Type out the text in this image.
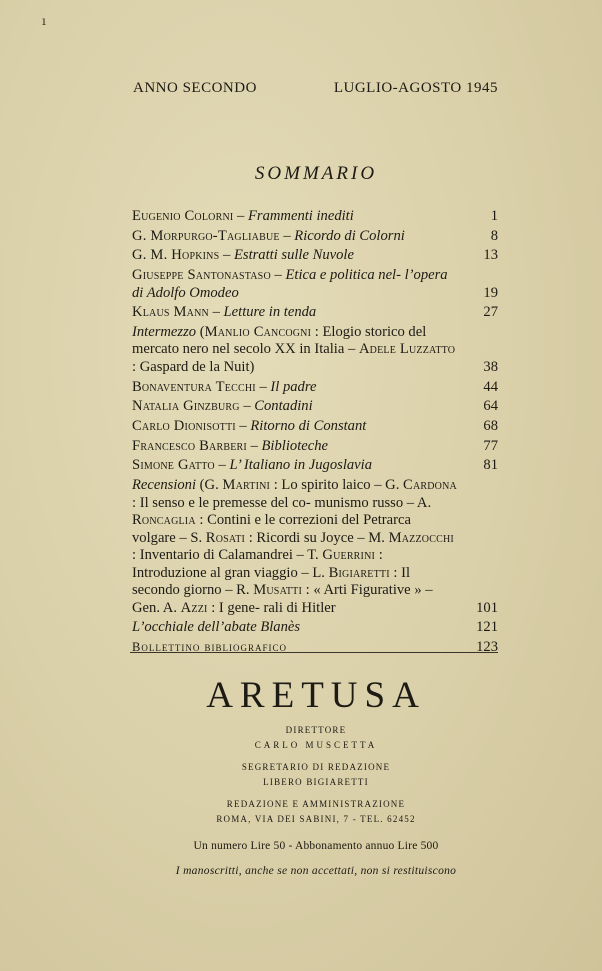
ı
ANNO SECONDO	LUGLIO-AGOSTO 1945
SOMMARIO
Eugenio Colorni – Frammenti inediti	1
G. Morpurgo-Tagliabue – Ricordo di Colorni	8
G. M. Hopkins – Estratti sulle Nuvole	13
Giuseppe Santonastaso – Etica e politica nel- l’opera di Adolfo Omodeo	19
Klaus Mann – Letture in tenda	27
Intermezzo (Manlio Cancogni : Elogio storico del mercato nero nel secolo XX in Italia – Adele Luzzatto : Gaspard de la Nuit)	38
Bonaventura Tecchi – Il padre	44
Natalia Ginzburg – Contadini	64
Carlo Dionisotti – Ritorno di Constant	68
Francesco Barberi – Biblioteche	77
Simone Gatto – L’ Italiano in Jugoslavia	81
Recensioni (G. Martini : Lo spirito laico – G. Cardona : Il senso e le premesse del co- munismo russo – A. Roncaglia : Contini e le correzioni del Petrarca volgare – S. Rosati : Ricordi su Joyce – M. Mazzocchi : Inventario di Calamandrei – T. Guerrini : Introduzione al gran viaggio – L. Bigiaretti : Il secondo giorno – R. Musatti : « Arti Figurative » – Gen. A. Azzi : I gene- rali di Hitler	101
L’occhiale dell’abate Blanès	121
Bollettino bibliografico	123
ARETUSA

DIRETTORE

CARLO MUSCETTA

SEGRETARIO DI REDAZIONE

LIBERO BIGIARETTI

REDAZIONE E AMMINISTRAZIONE

ROMA, VIA DEI SABINI, 7 - TEL. 62452

Un numero Lire 50 - Abbonamento annuo Lire 500

I manoscritti, anche se non accettati, non si restituiscono
